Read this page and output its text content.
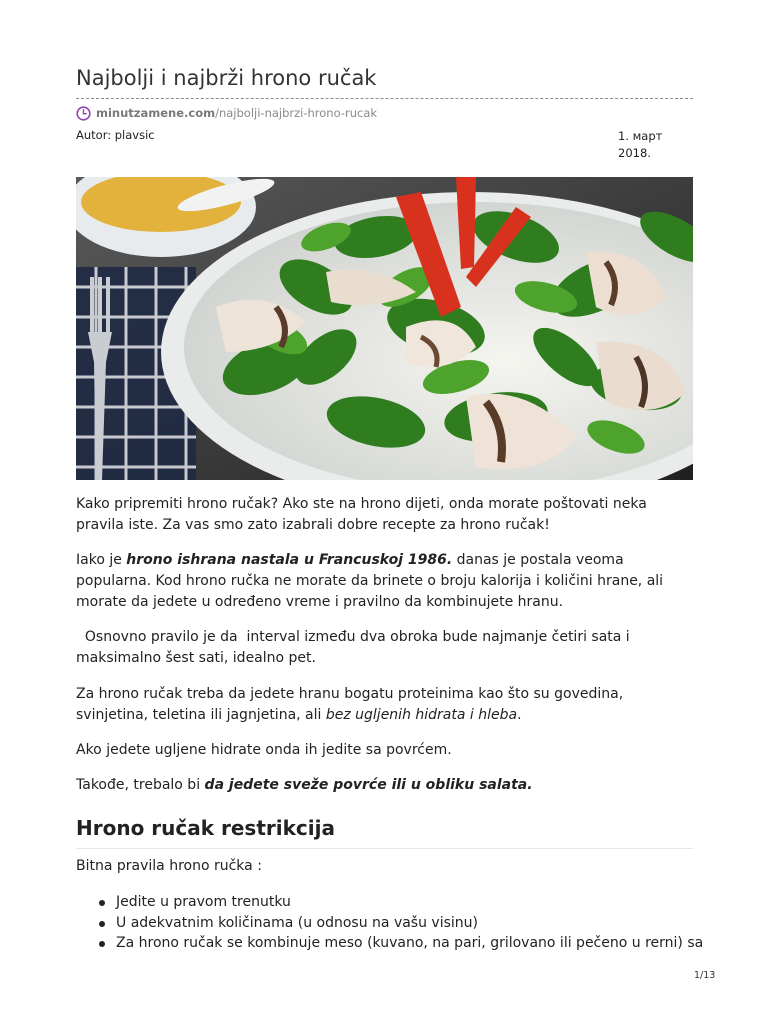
Najbolji i najbrži hrono ručak
minutzamene.com /najbolji-najbrzi-hrono-rucak
Autor: plavsic	1. март
2018.

Kako pripremiti hrono ručak? Ako ste na hrono dijeti, onda morate poštovati neka pravila iste. Za vas smo zato izabrali dobre recepte za hrono ručak!

Iako je hrono ishrana nastala u Francuskoj 1986. danas je postala veoma popularna. Kod hrono ručka ne morate da brinete o broju kalorija i količini hrane, ali morate da jedete u određeno vreme i pravilno da kombinujete hranu.

Osnovno pravilo je da  interval između dva obroka bude najmanje četiri sata i maksimalno šest sati, idealno pet.

Za hrono ručak treba da jedete hranu bogatu proteinima kao što su govedina, svinjetina, teletina ili jagnjetina, ali bez ugljenih hidrata i hleba.

Ako jedete ugljene hidrate onda ih jedite sa povrćem.

Takođe, trebalo bi da jedete sveže povrće ili u obliku salata.

Hrono ručak restrikcija

Bitna pravila hrono ručka :

Jedite u pravom trenutku
U adekvatnim količinama (u odnosu na vašu visinu)
Za hrono ručak se kombinuje meso (kuvano, na pari, grilovano ili pečeno u rerni) sa
1/13
